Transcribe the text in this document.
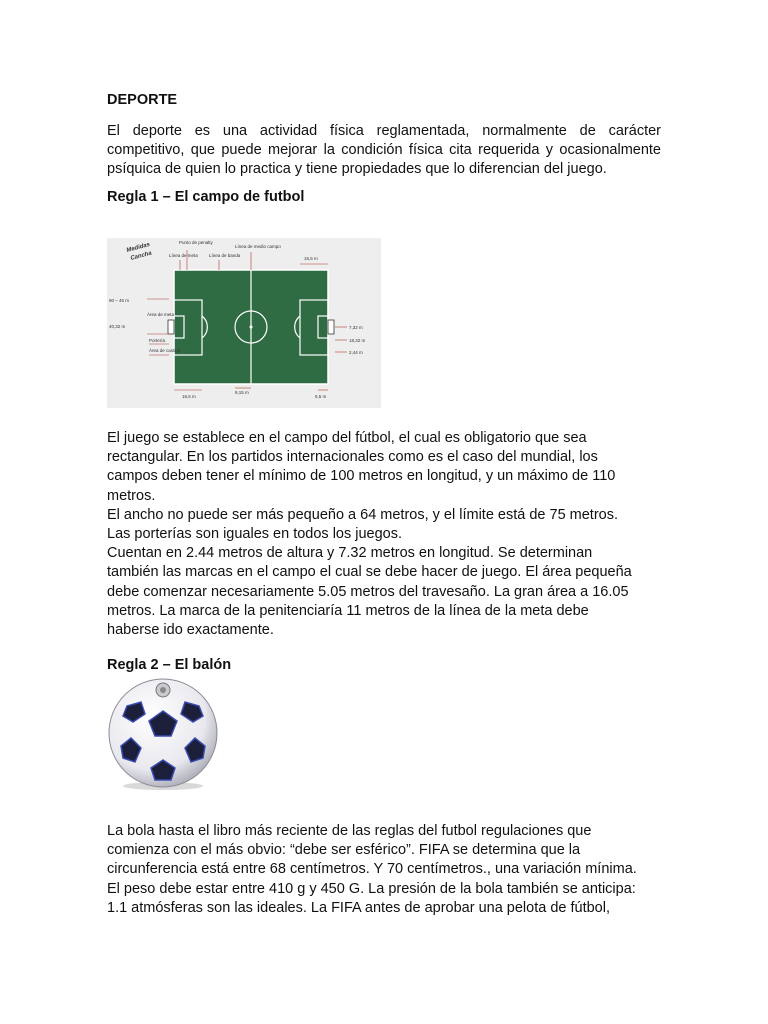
DEPORTE

El deporte es una actividad física reglamentada, normalmente de carácter competitivo, que puede mejorar la condición física cita requerida y ocasionalmente psíquica de quien lo practica y tiene propiedades que lo diferencian del juego.

Regla 1 – El campo de futbol
Medidas
Cancha
Punto de penalty
Línea de meta Línea de banda
Línea de medio campo
Área de meta
Portería
Área de castigo
90 – 45 m
40,32 m
16,5 m
7,32 m
18,32 m
2,44 m
16,5 m
9,15 m
5,5 m
El juego se establece en el campo del fútbol, el cual es obligatorio que sea
rectangular. En los partidos internacionales como es el caso del mundial, los
campos deben tener el mínimo de 100 metros en longitud, y un máximo de 110
metros.
El ancho no puede ser más pequeño a 64 metros, y el límite está de 75 metros.
Las porterías son iguales en todos los juegos.
Cuentan en 2.44 metros de altura y 7.32 metros en longitud. Se determinan
también las marcas en el campo el cual se debe hacer de juego. El área pequeña
debe comenzar necesariamente 5.05 metros del travesaño. La gran área a 16.05
metros. La marca de la penitenciaría 11 metros de la línea de la meta debe
haberse ido exactamente.
Regla 2 – El balón
La bola hasta el libro más reciente de las reglas del futbol regulaciones que
comienza con el más obvio: “debe ser esférico”. FIFA se determina que la
circunferencia está entre 68 centímetros. Y 70 centímetros., una variación mínima.
El peso debe estar entre 410 g y 450 G. La presión de la bola también se anticipa:
1.1 atmósferas son las ideales. La FIFA antes de aprobar una pelota de fútbol,
